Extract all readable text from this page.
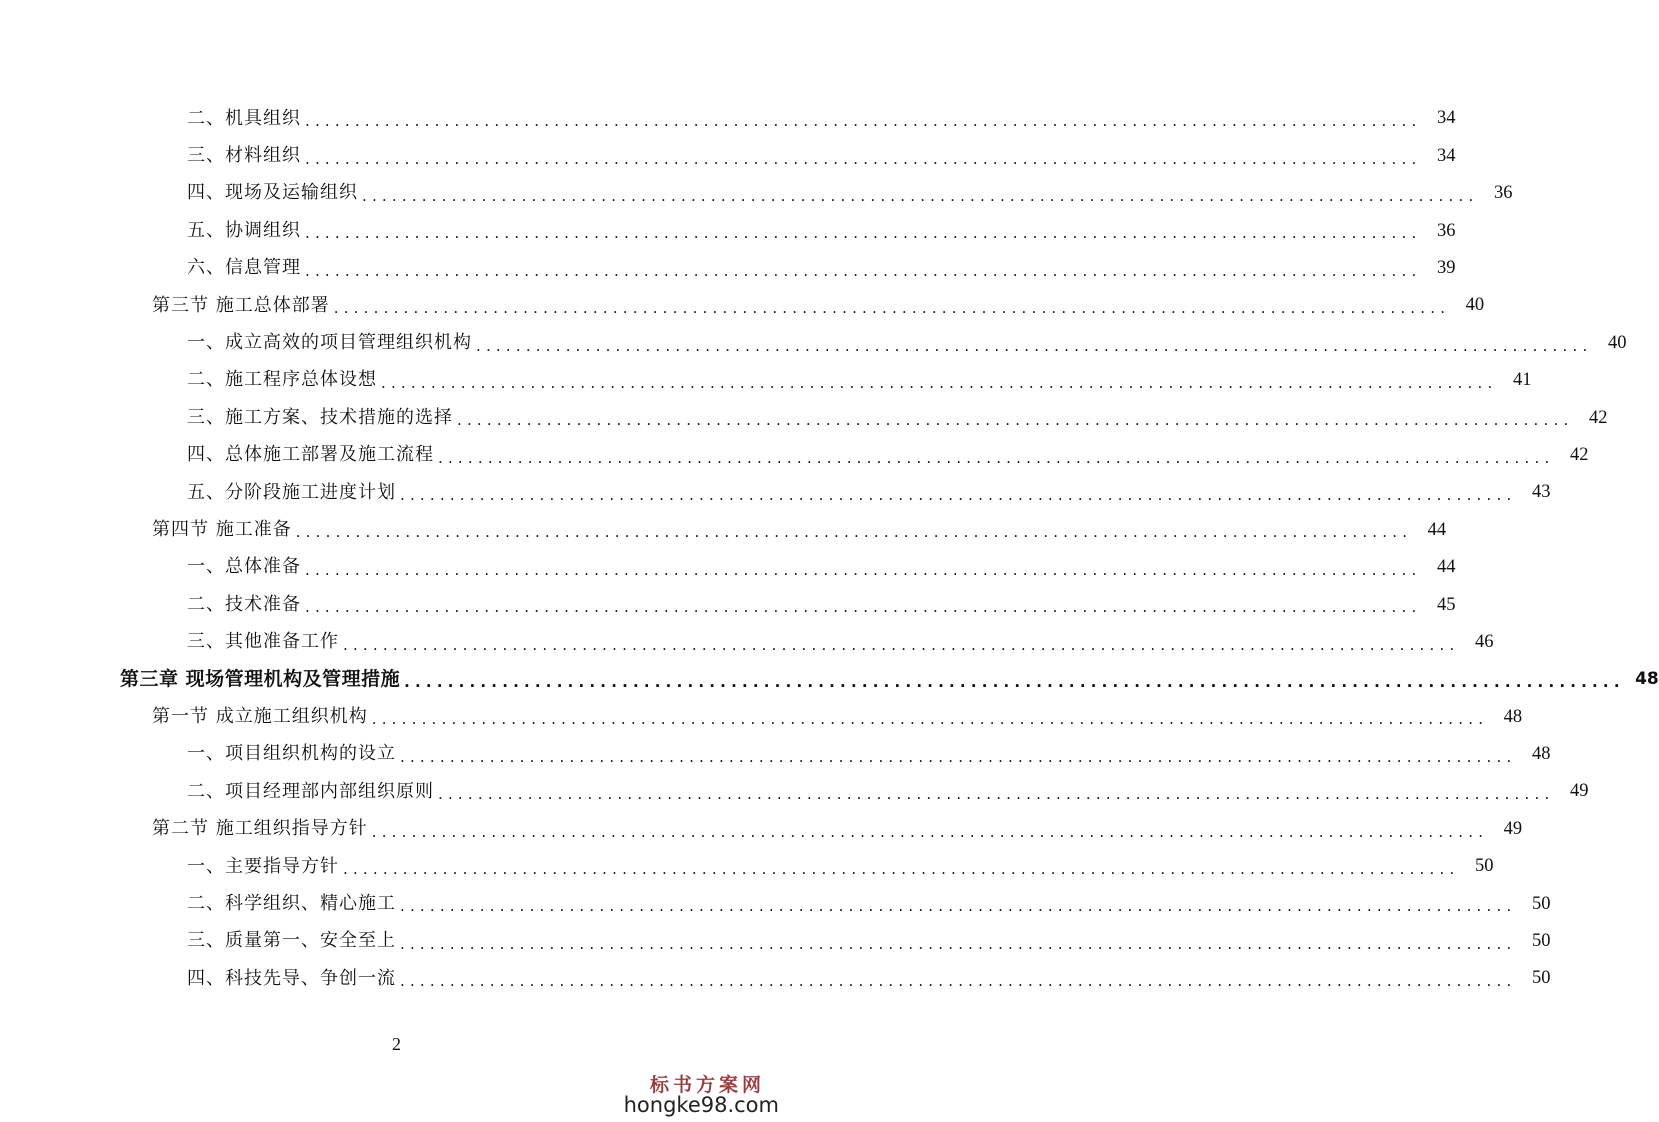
二、机具组织 ................................................................................................................ 34
三、材料组织 ................................................................................................................ 34
四、现场及运输组织 ................................................................................................................ 36
五、协调组织 ................................................................................................................ 36
六、信息管理 ................................................................................................................ 39
第三节 施工总体部署 ................................................................................................................ 40
一、成立高效的项目管理组织机构 ................................................................................................................ 40
二、施工程序总体设想 ................................................................................................................ 41
三、施工方案、技术措施的选择 ................................................................................................................ 42
四、总体施工部署及施工流程 ................................................................................................................ 42
五、分阶段施工进度计划 ................................................................................................................ 43
第四节 施工准备 ................................................................................................................ 44
一、总体准备 ................................................................................................................ 44
二、技术准备 ................................................................................................................ 45
三、其他准备工作 ................................................................................................................ 46
第三章 现场管理机构及管理措施 ................................................................................................................ 48
第一节 成立施工组织机构 ................................................................................................................ 48
一、项目组织机构的设立 ................................................................................................................ 48
二、项目经理部内部组织原则 ................................................................................................................ 49
第二节 施工组织指导方针 ................................................................................................................ 49
一、主要指导方针 ................................................................................................................ 50
二、科学组织、精心施工 ................................................................................................................ 50
三、质量第一、安全至上 ................................................................................................................ 50
四、科技先导、争创一流 ................................................................................................................ 50
2
标书方案网
hongke98.com
